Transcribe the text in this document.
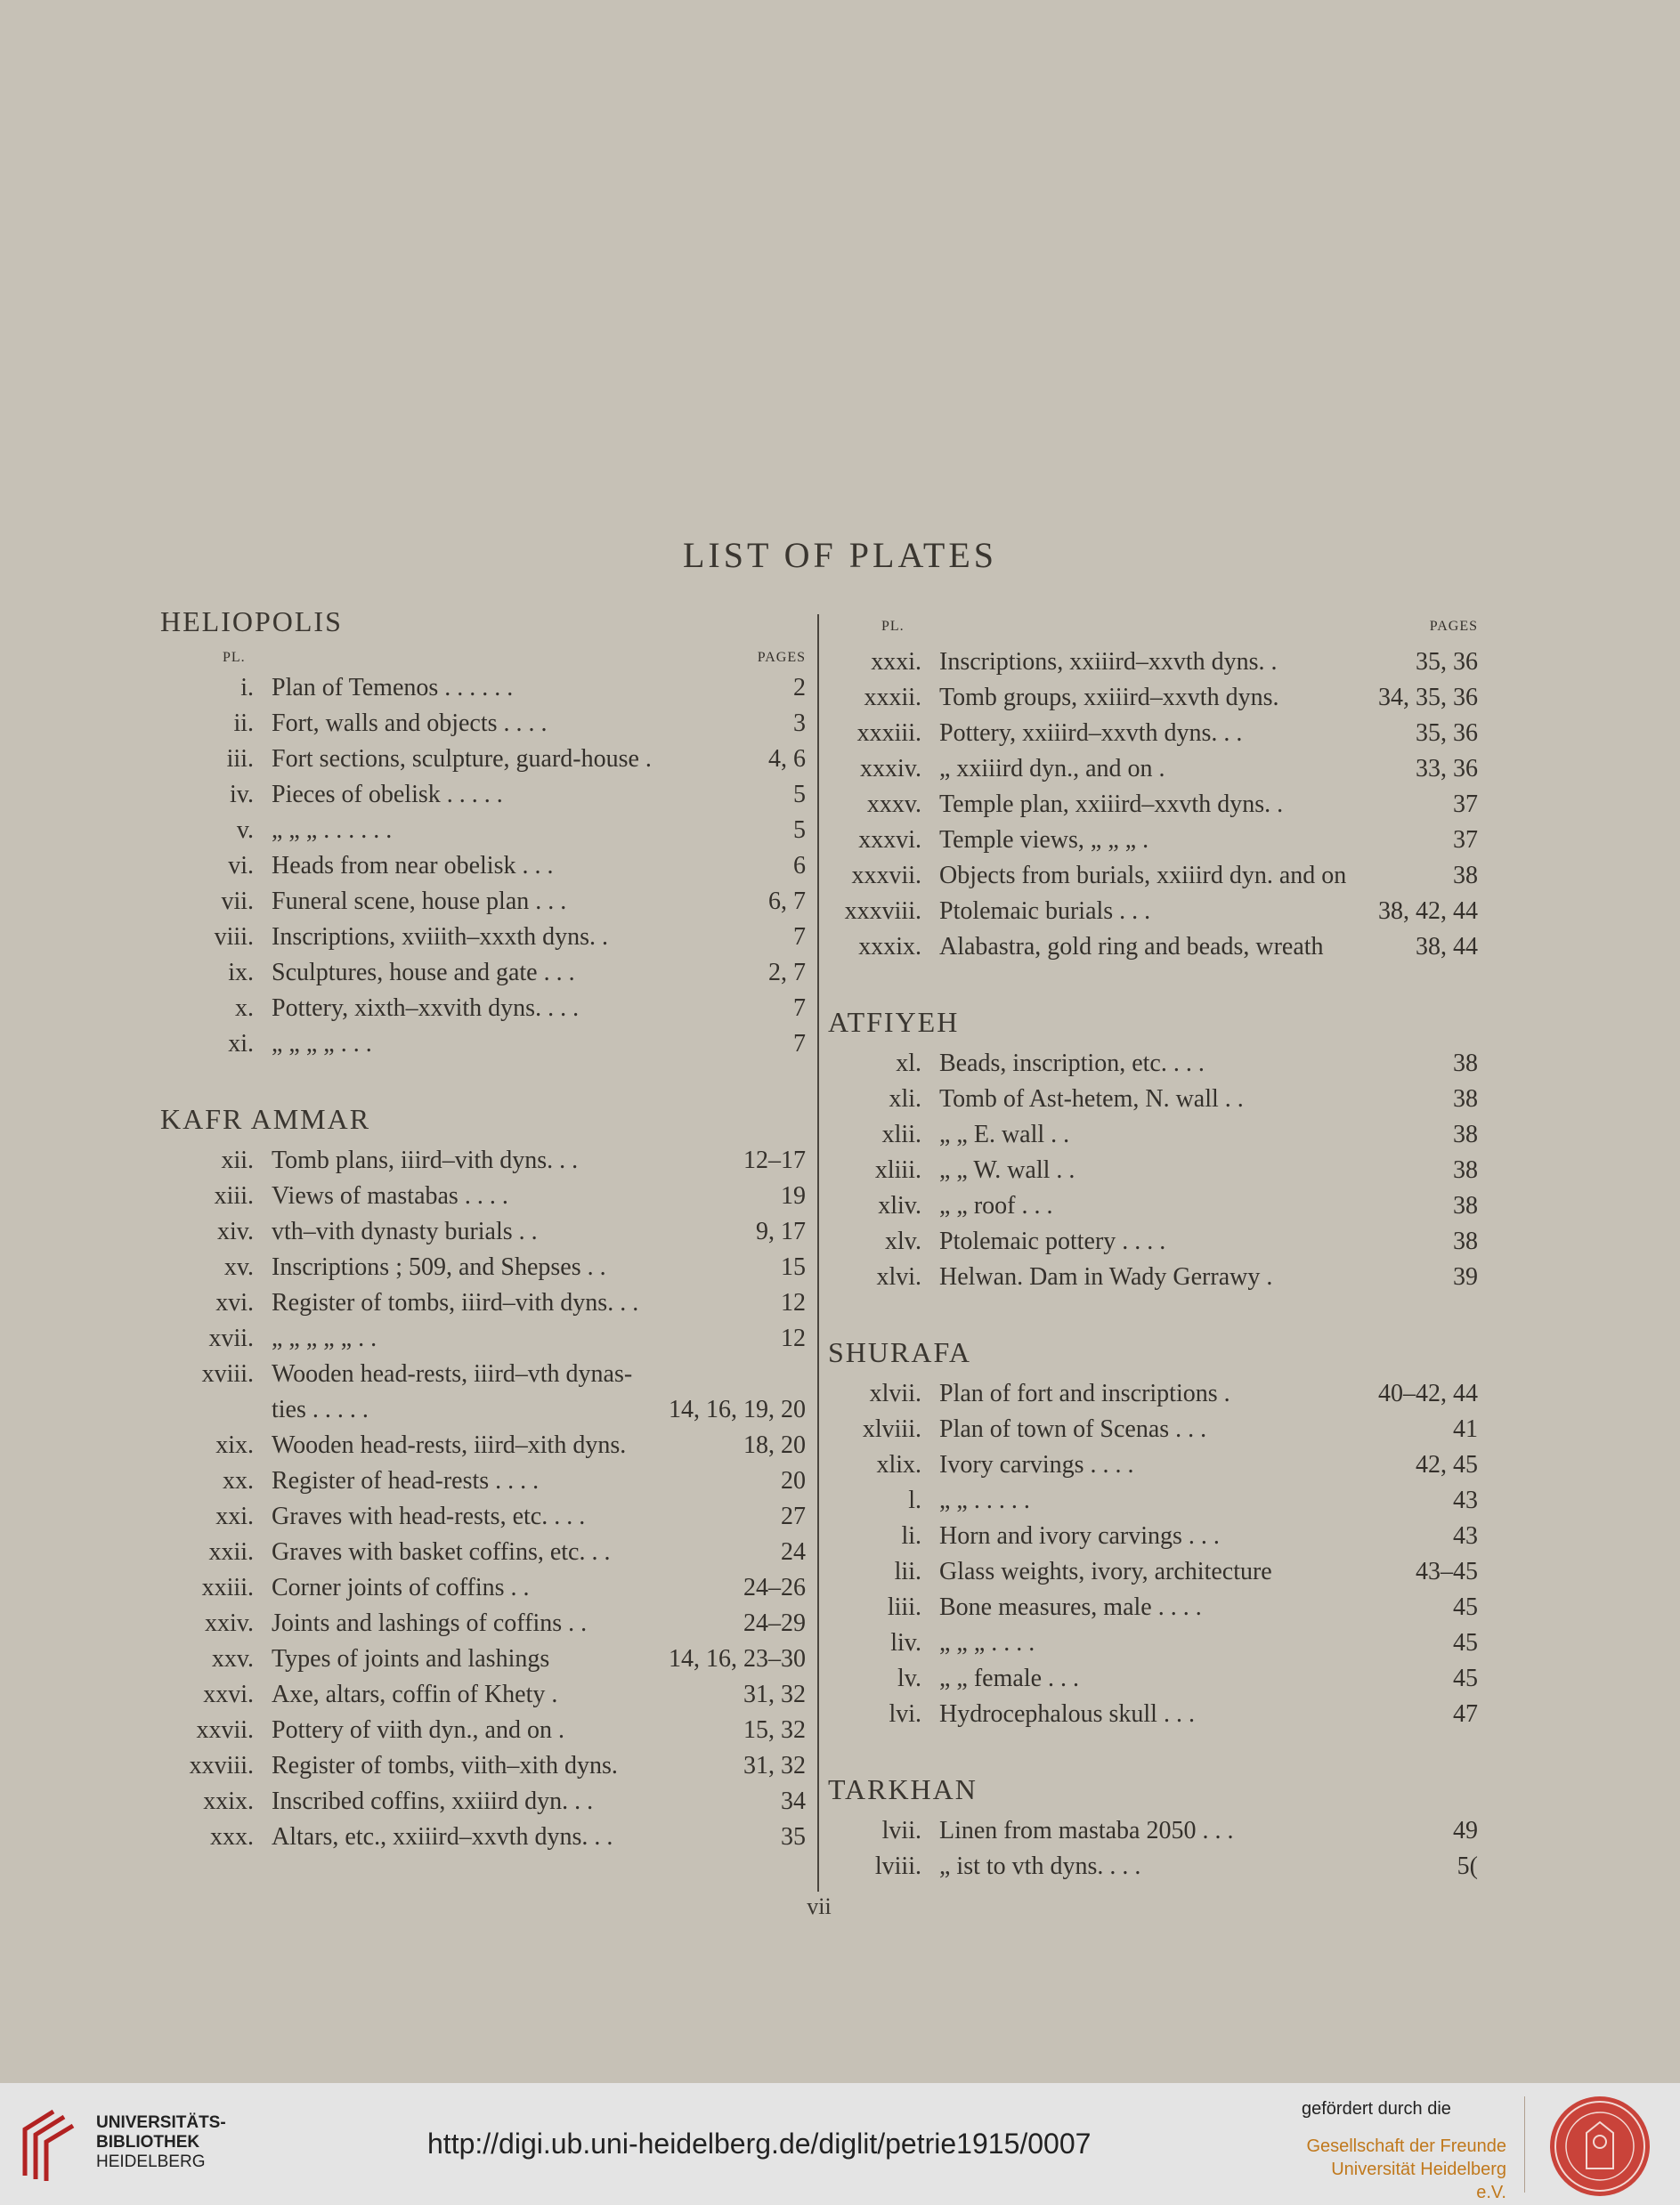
LIST OF PLATES
HELIOPOLIS
PL.	PAGES
i. Plan of Temenos . . . . . .	2
ii. Fort, walls and objects . . . .	3
iii. Fort sections, sculpture, guard-house .	4, 6
iv. Pieces of obelisk . . . . .	5
v. „ „ „ . . . . . .	5
vi. Heads from near obelisk . . .	6
vii. Funeral scene, house plan . . .	6, 7
viii. Inscriptions, xviiith–xxxth dyns. .	7
ix. Sculptures, house and gate . . .	2, 7
x. Pottery, xixth–xxvith dyns. . . .	7
xi. „ „ „ „ . . .	7
KAFR AMMAR
xii. Tomb plans, iiird–vith dyns. . .	12–17
xiii. Views of mastabas . . . .	19
xiv. vth–vith dynasty burials . .	9, 17
xv. Inscriptions ; 509, and Shepses . .	15
xvi. Register of tombs, iiird–vith dyns. . .	12
xvii. „ „ „ „ „ . .	12
xviii. Wooden head-rests, iiird–vth dynas-
ties . . . . .	14, 16, 19, 20
xix. Wooden head-rests, iiird–xith dyns.	18, 20
xx. Register of head-rests . . . .	20
xxi. Graves with head-rests, etc. . . .	27
xxii. Graves with basket coffins, etc. . .	24
xxiii. Corner joints of coffins . .	24–26
xxiv. Joints and lashings of coffins . .	24–29
xxv. Types of joints and lashings	14, 16, 23–30
xxvi. Axe, altars, coffin of Khety .	31, 32
xxvii. Pottery of viith dyn., and on .	15, 32
xxviii. Register of tombs, viith–xith dyns.	31, 32
xxix. Inscribed coffins, xxiiird dyn. . .	34
xxx. Altars, etc., xxiiird–xxvth dyns. . .	35
PL.	PAGES
xxxi. Inscriptions, xxiiird–xxvth dyns. .	35, 36
xxxii. Tomb groups, xxiiird–xxvth dyns.	34, 35, 36
xxxiii. Pottery, xxiiird–xxvth dyns. . .	35, 36
xxxiv. „ xxiiird dyn., and on .	33, 36
xxxv. Temple plan, xxiiird–xxvth dyns. .	37
xxxvi. Temple views, „ „ „ .	37
xxxvii. Objects from burials, xxiiird dyn. and on	38
xxxviii. Ptolemaic burials . . .	38, 42, 44
xxxix. Alabastra, gold ring and beads, wreath	38, 44
ATFIYEH
xl. Beads, inscription, etc. . . .	38
xli. Tomb of Ast-hetem, N. wall . .	38
xlii. „ „ E. wall . .	38
xliii. „ „ W. wall . .	38
xliv. „ „ roof . . .	38
xlv. Ptolemaic pottery . . . .	38
xlvi. Helwan. Dam in Wady Gerrawy .	39
SHURAFA
xlvii. Plan of fort and inscriptions .	40–42, 44
xlviii. Plan of town of Scenas . . .	41
xlix. Ivory carvings . . . .	42, 45
l. „ „ . . . . .	43
li. Horn and ivory carvings . . .	43
lii. Glass weights, ivory, architecture	43–45
liii. Bone measures, male . . . .	45
liv. „ „ „ . . . .	45
lv. „ „ female . . .	45
lvi. Hydrocephalous skull . . .	47
TARKHAN
lvii. Linen from mastaba 2050 . . .	49
lviii. „ ist to vth dyns. . . .	5(
vii
UNIVERSITÄTS-
BIBLIOTHEK
HEIDELBERG
http://digi.ub.uni-heidelberg.de/diglit/petrie1915/0007
gefördert durch die
Gesellschaft der Freunde
Universität Heidelberg e.V.
